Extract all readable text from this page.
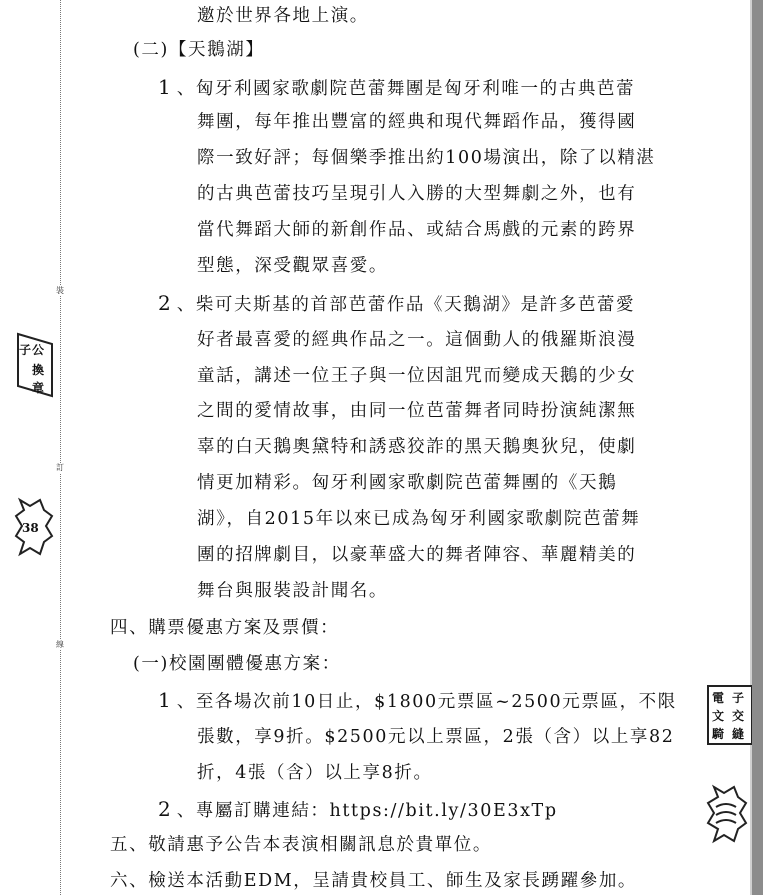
裝
訂
線
公
子
換
章
38
電 子
文 交
騎 縫
邀於世界各地上演。
(二)【天鵝湖】
1 、匈牙利國家歌劇院芭蕾舞團是匈牙利唯一的古典芭蕾
舞團，每年推出豐富的經典和現代舞蹈作品，獲得國
際一致好評；每個樂季推出約100場演出，除了以精湛
的古典芭蕾技巧呈現引人入勝的大型舞劇之外，也有
當代舞蹈大師的新創作品、或結合馬戲的元素的跨界
型態，深受觀眾喜愛。
2 、柴可夫斯基的首部芭蕾作品《天鵝湖》是許多芭蕾愛
好者最喜愛的經典作品之一。這個動人的俄羅斯浪漫
童話，講述一位王子與一位因詛咒而變成天鵝的少女
之間的愛情故事，由同一位芭蕾舞者同時扮演純潔無
辜的白天鵝奧黛特和誘惑狡詐的黑天鵝奧狄兒，使劇
情更加精彩。匈牙利國家歌劇院芭蕾舞團的《天鵝
湖》，自2015年以來已成為匈牙利國家歌劇院芭蕾舞
團的招牌劇目，以豪華盛大的舞者陣容、華麗精美的
舞台與服裝設計聞名。
四、購票優惠方案及票價：
(一)校園團體優惠方案：
1 、至各場次前10日止，$1800元票區~2500元票區，不限
張數，享9折。$2500元以上票區，2張（含）以上享82
折，4張（含）以上享8折。
2 、專屬訂購連結：https://bit.ly/30E3xTp
五、敬請惠予公告本表演相關訊息於貴單位。
六、檢送本活動EDM，呈請貴校員工、師生及家長踴躍參加。
